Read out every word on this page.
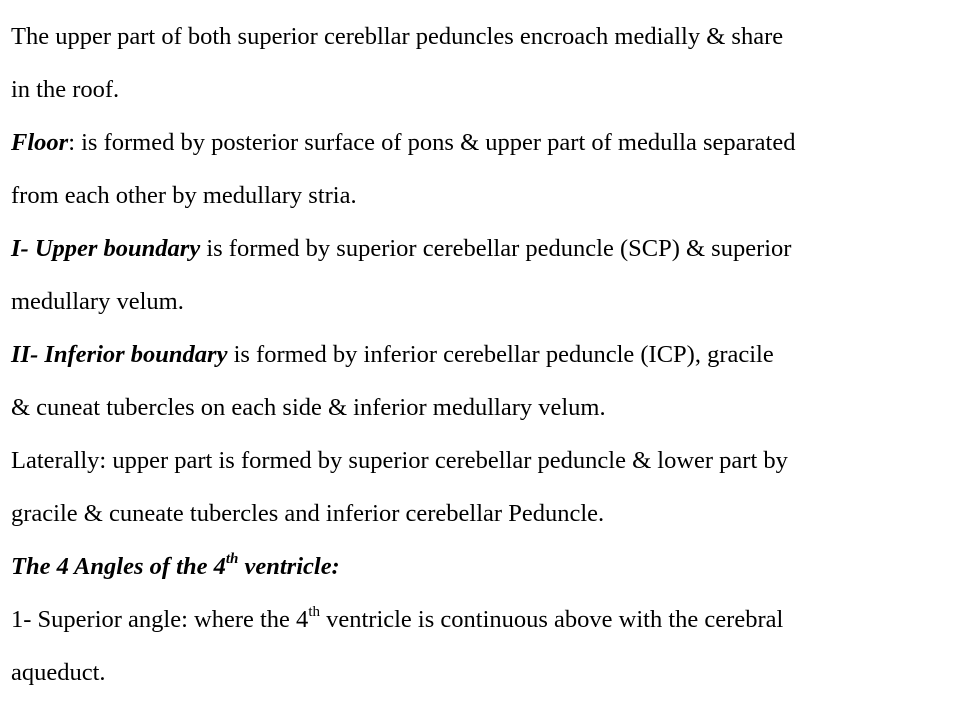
The upper part of both superior cerebllar peduncles encroach medially & share
in the roof.
Floor: is formed by posterior surface of pons & upper part of medulla separated
from each other by medullary stria.
I- Upper boundary is formed by superior cerebellar peduncle (SCP) & superior
medullary velum.
II- Inferior boundary is formed by inferior cerebellar peduncle (ICP), gracile
& cuneat tubercles on each side & inferior medullary velum.
Laterally: upper part is formed by superior cerebellar peduncle & lower part by
gracile & cuneate tubercles and inferior cerebellar Peduncle.
The 4 Angles of the 4th ventricle:
1- Superior angle: where the 4th ventricle is continuous above with the cerebral
aqueduct.
